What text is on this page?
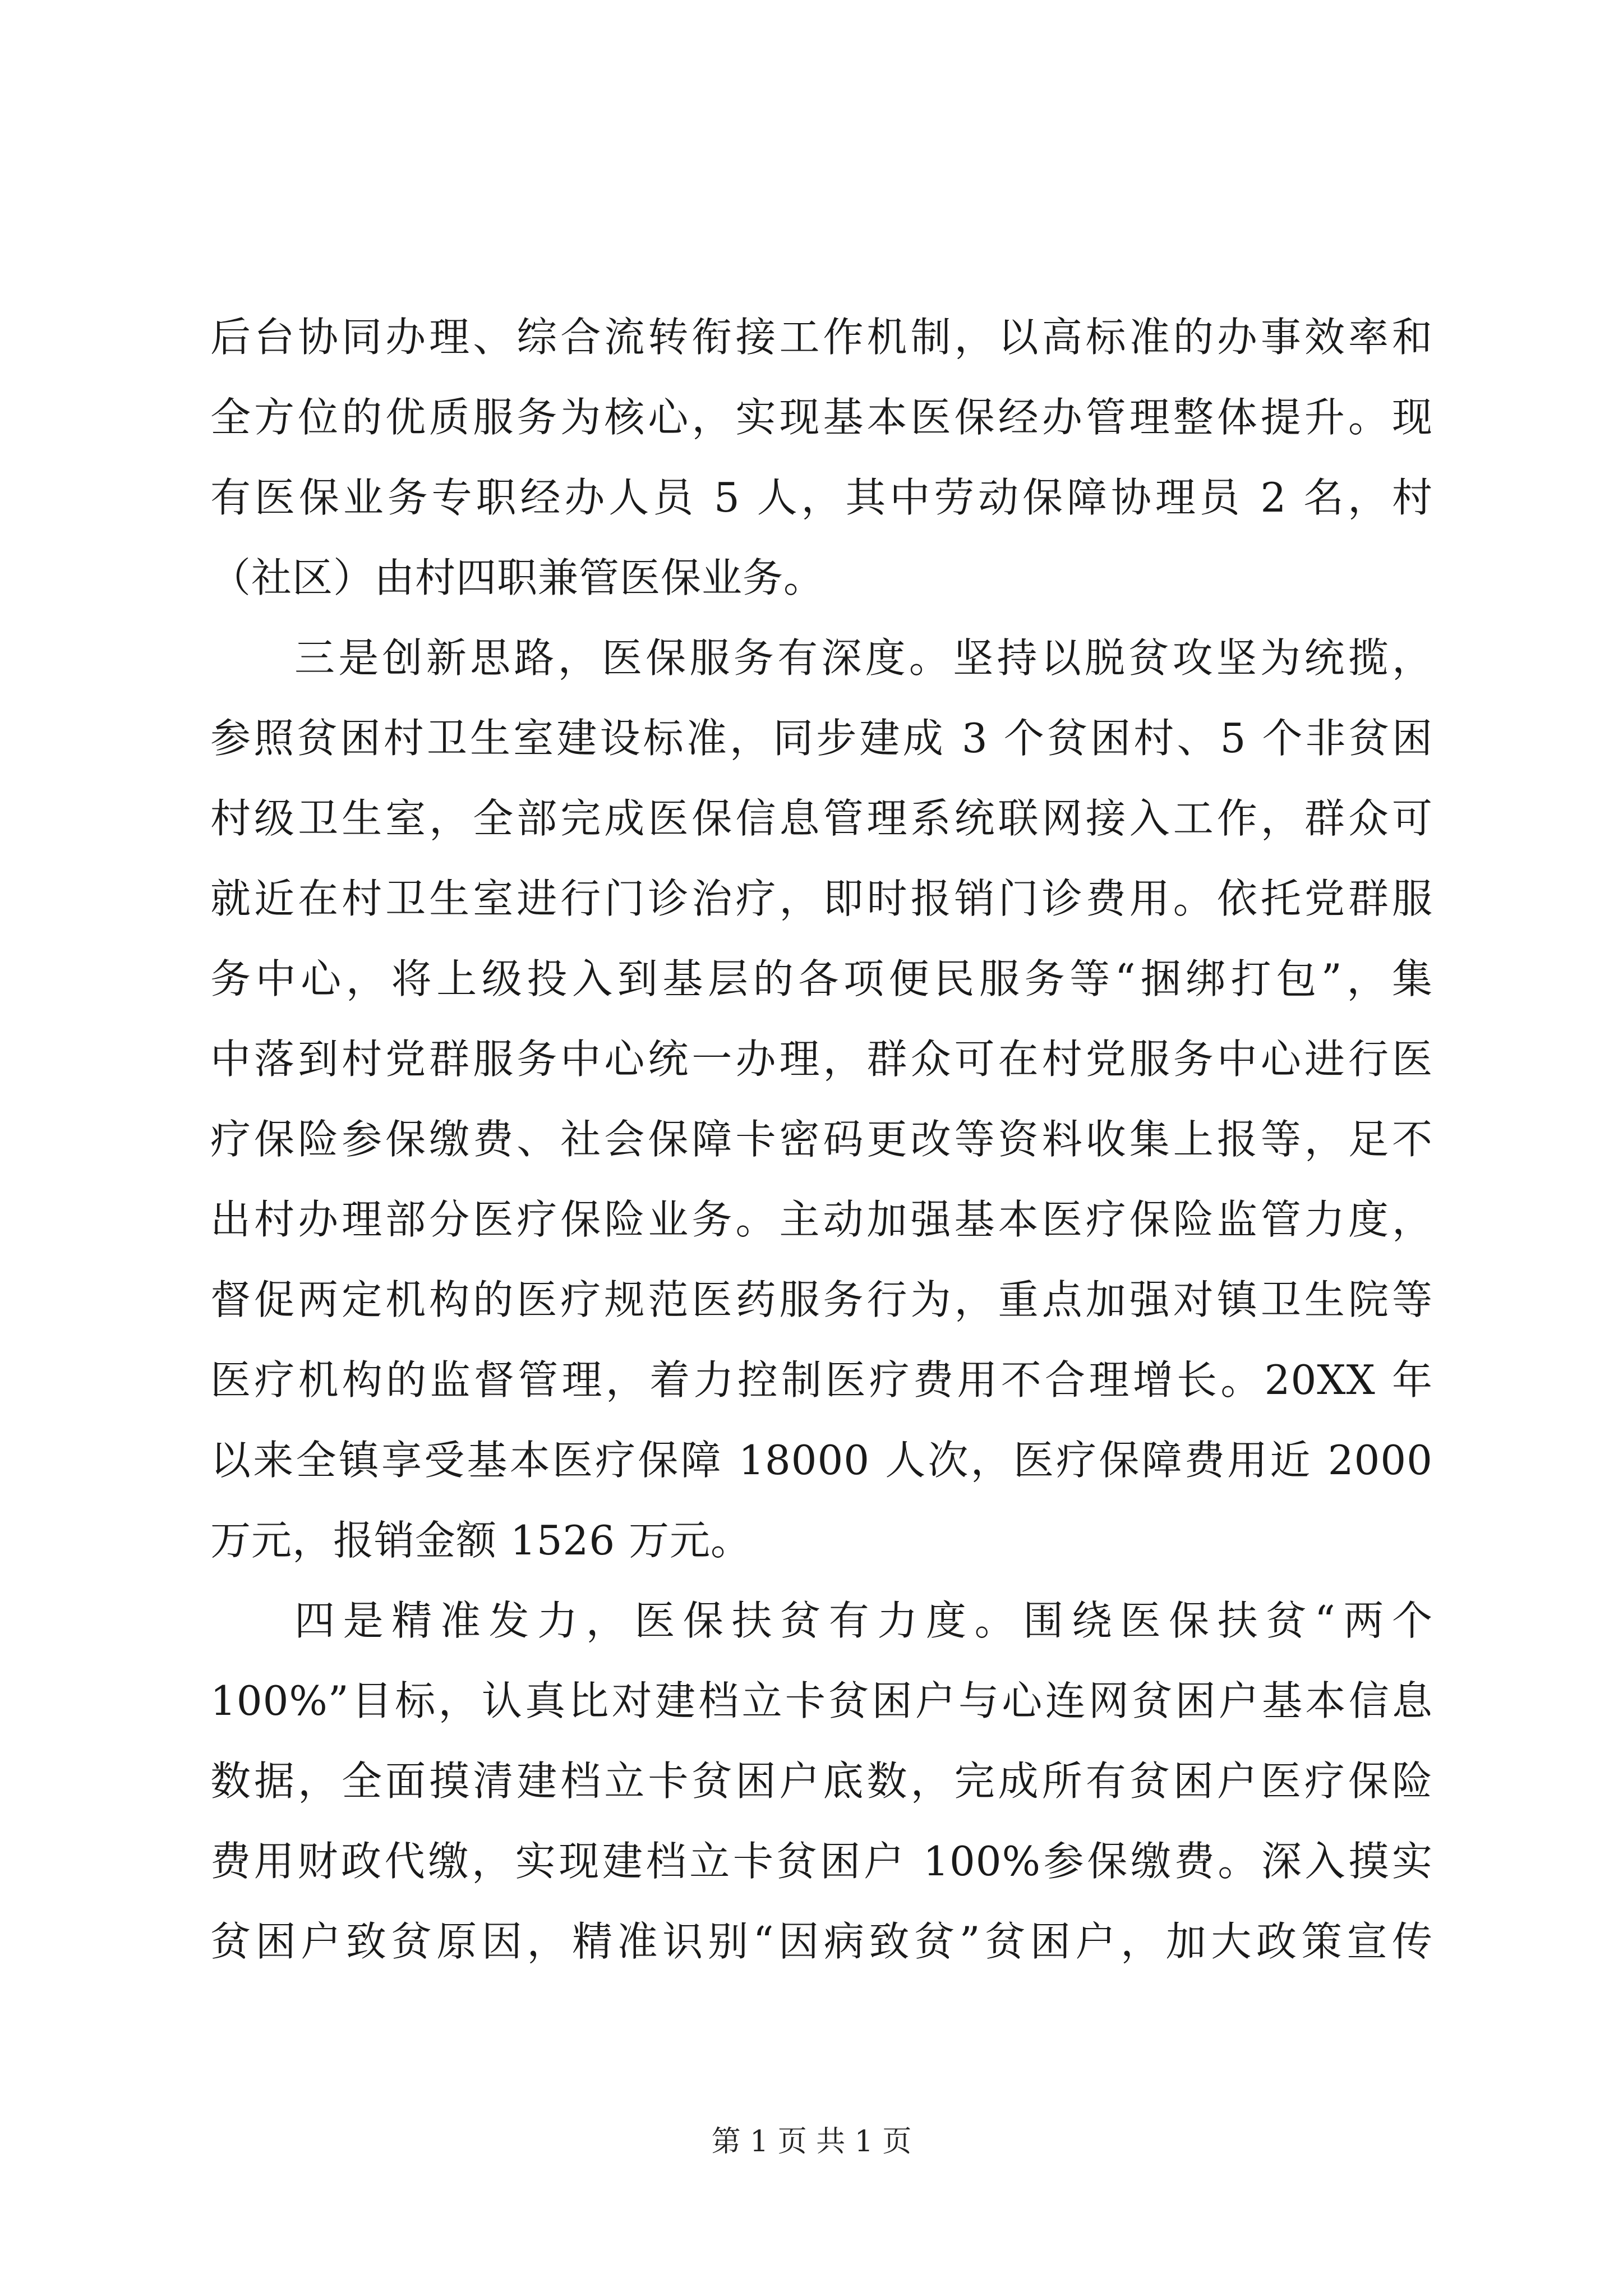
后台协同办理、综合流转衔接工作机制，以高标准的办事效率和
全方位的优质服务为核心，实现基本医保经办管理整体提升。现
有医保业务专职经办人员 5 人，其中劳动保障协理员 2 名，村
（社区）由村四职兼管医保业务。
三是创新思路，医保服务有深度。坚持以脱贫攻坚为统揽，
参照贫困村卫生室建设标准，同步建成 3 个贫困村、5 个非贫困
村级卫生室，全部完成医保信息管理系统联网接入工作，群众可
就近在村卫生室进行门诊治疗，即时报销门诊费用。依托党群服
务中心，将上级投入到基层的各项便民服务等“捆绑打包”，集
中落到村党群服务中心统一办理，群众可在村党服务中心进行医
疗保险参保缴费、社会保障卡密码更改等资料收集上报等，足不
出村办理部分医疗保险业务。主动加强基本医疗保险监管力度，
督促两定机构的医疗规范医药服务行为，重点加强对镇卫生院等
医疗机构的监督管理，着力控制医疗费用不合理增长。20XX 年
以来全镇享受基本医疗保障 18000 人次，医疗保障费用近 2000
万元，报销金额 1526 万元。
四是精准发力，医保扶贫有力度。围绕医保扶贫“两个
100%”目标，认真比对建档立卡贫困户与心连网贫困户基本信息
数据，全面摸清建档立卡贫困户底数，完成所有贫困户医疗保险
费用财政代缴，实现建档立卡贫困户 100%参保缴费。深入摸实
贫困户致贫原因，精准识别“因病致贫”贫困户，加大政策宣传
第 1 页 共 1 页
